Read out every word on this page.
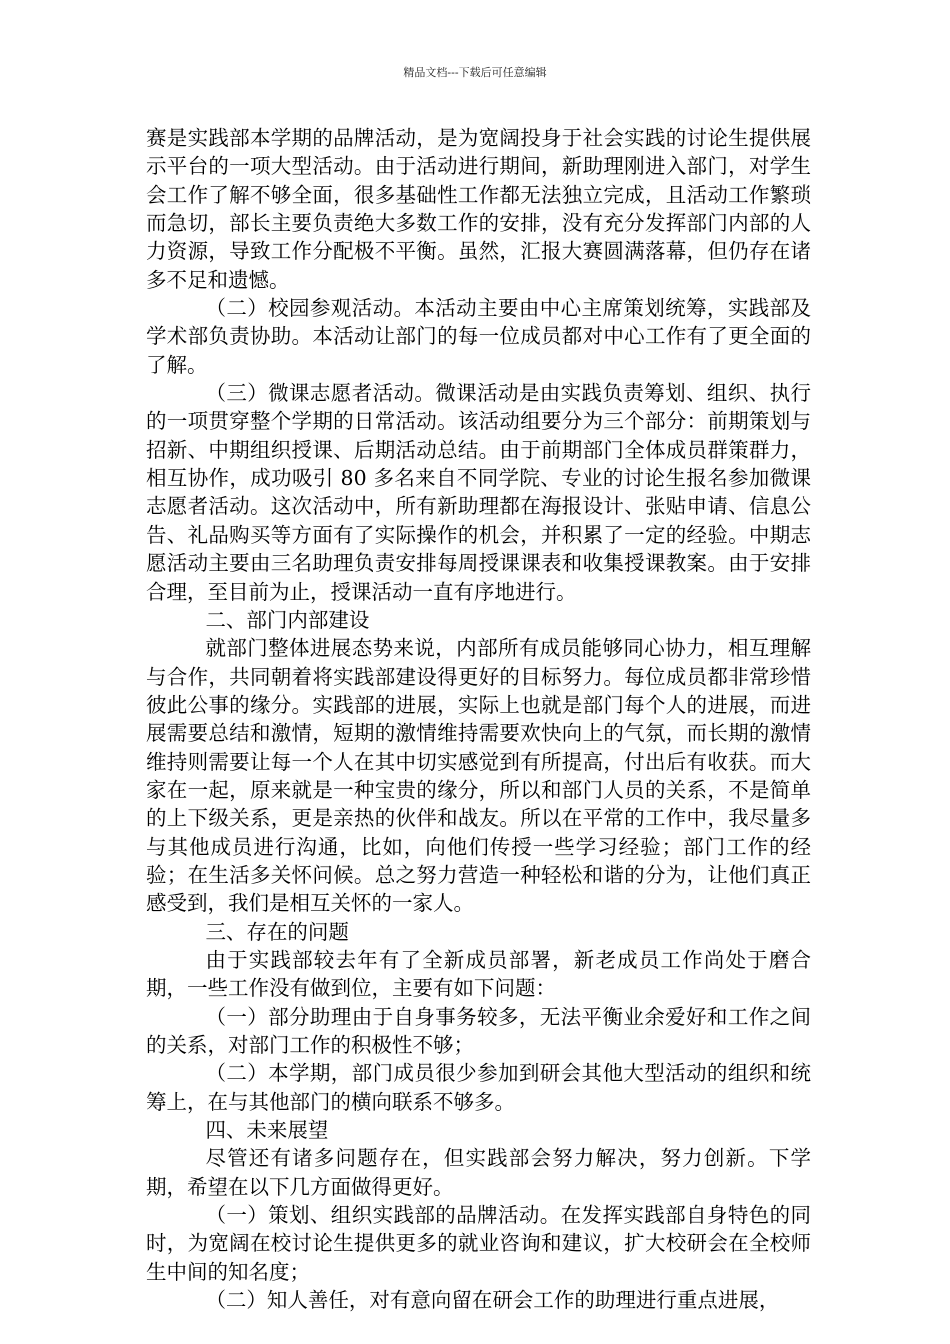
精品文档---下载后可任意编辑

赛是实践部本学期的品牌活动，是为宽阔投身于社会实践的讨论生提供展示平台的一项大型活动。由于活动进行期间，新助理刚进入部门，对学生会工作了解不够全面，很多基础性工作都无法独立完成，且活动工作繁琐而急切，部长主要负责绝大多数工作的安排，没有充分发挥部门内部的人力资源，导致工作分配极不平衡。虽然，汇报大赛圆满落幕，但仍存在诸多不足和遗憾。

（二）校园参观活动。本活动主要由中心主席策划统筹，实践部及学术部负责协助。本活动让部门的每一位成员都对中心工作有了更全面的了解。

（三）微课志愿者活动。微课活动是由实践负责筹划、组织、执行的一项贯穿整个学期的日常活动。该活动组要分为三个部分：前期策划与招新、中期组织授课、后期活动总结。由于前期部门全体成员群策群力，相互协作，成功吸引 80 多名来自不同学院、专业的讨论生报名参加微课志愿者活动。这次活动中，所有新助理都在海报设计、张贴申请、信息公告、礼品购买等方面有了实际操作的机会，并积累了一定的经验。中期志愿活动主要由三名助理负责安排每周授课课表和收集授课教案。由于安排合理，至目前为止，授课活动一直有序地进行。

二、部门内部建设

就部门整体进展态势来说，内部所有成员能够同心协力，相互理解与合作，共同朝着将实践部建设得更好的目标努力。每位成员都非常珍惜彼此公事的缘分。实践部的进展，实际上也就是部门每个人的进展，而进展需要总结和激情，短期的激情维持需要欢快向上的气氛，而长期的激情维持则需要让每一个人在其中切实感觉到有所提高，付出后有收获。而大家在一起，原来就是一种宝贵的缘分，所以和部门人员的关系，不是简单的上下级关系，更是亲热的伙伴和战友。所以在平常的工作中，我尽量多与其他成员进行沟通，比如，向他们传授一些学习经验；部门工作的经验；在生活多关怀问候。总之努力营造一种轻松和谐的分为，让他们真正感受到，我们是相互关怀的一家人。

三、存在的问题

由于实践部较去年有了全新成员部署，新老成员工作尚处于磨合期，一些工作没有做到位，主要有如下问题：

（一）部分助理由于自身事务较多，无法平衡业余爱好和工作之间的关系，对部门工作的积极性不够；

（二）本学期，部门成员很少参加到研会其他大型活动的组织和统筹上，在与其他部门的横向联系不够多。

四、未来展望

尽管还有诸多问题存在，但实践部会努力解决，努力创新。下学期，希望在以下几方面做得更好。

（一）策划、组织实践部的品牌活动。在发挥实践部自身特色的同时，为宽阔在校讨论生提供更多的就业咨询和建议，扩大校研会在全校师生中间的知名度；

（二）知人善任，对有意向留在研会工作的助理进行重点进展，
